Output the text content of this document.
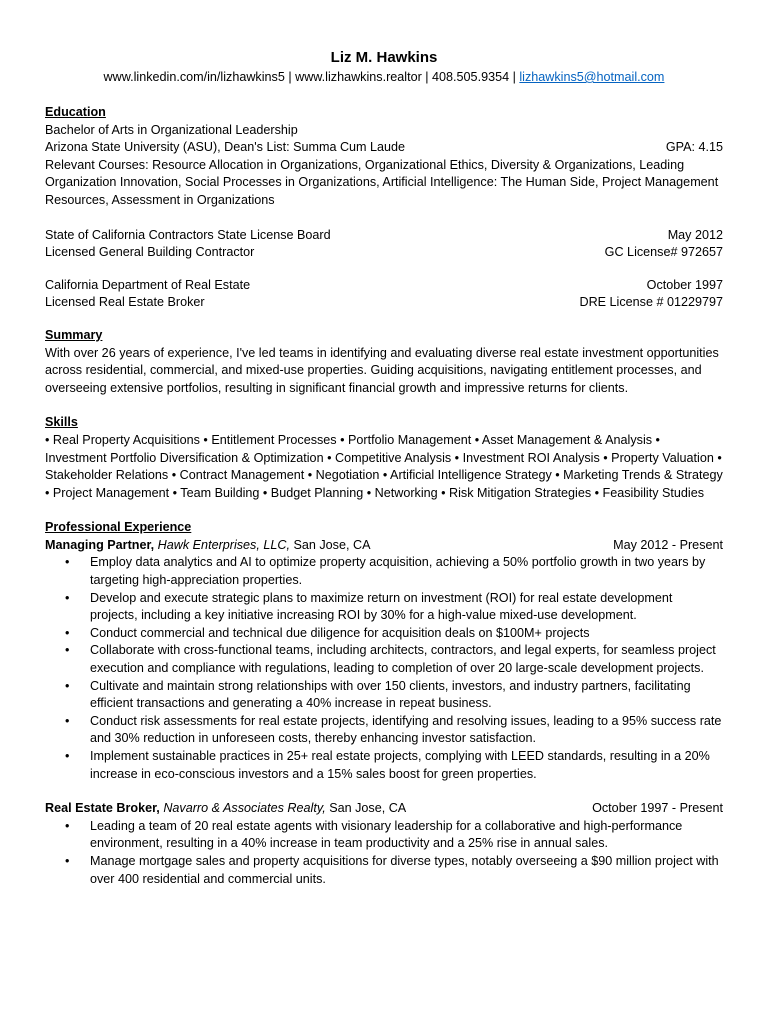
Liz M. Hawkins
www.linkedin.com/in/lizhawkins5 | www.lizhawkins.realtor | 408.505.9354 | lizhawkins5@hotmail.com
Education
Bachelor of Arts in Organizational Leadership
Arizona State University (ASU), Dean's List: Summa Cum Laude	GPA: 4.15
Relevant Courses: Resource Allocation in Organizations, Organizational Ethics, Diversity & Organizations, Leading Organization Innovation, Social Processes in Organizations, Artificial Intelligence: The Human Side, Project Management Resources, Assessment in Organizations
State of California Contractors State License Board	May 2012
Licensed General Building Contractor	GC License# 972657
California Department of Real Estate	October 1997
Licensed Real Estate Broker	DRE License # 01229797
Summary
With over 26 years of experience, I've led teams in identifying and evaluating diverse real estate investment opportunities across residential, commercial, and mixed-use properties. Guiding acquisitions, navigating entitlement processes, and overseeing extensive portfolios, resulting in significant financial growth and impressive returns for clients.
Skills
• Real Property Acquisitions • Entitlement Processes • Portfolio Management • Asset Management & Analysis • Investment Portfolio Diversification & Optimization • Competitive Analysis • Investment ROI Analysis • Property Valuation • Stakeholder Relations • Contract Management • Negotiation • Artificial Intelligence Strategy • Marketing Trends & Strategy • Project Management • Team Building • Budget Planning • Networking • Risk Mitigation Strategies • Feasibility Studies
Professional Experience
Managing Partner, Hawk Enterprises, LLC, San Jose, CA	May 2012 - Present
• Employ data analytics and AI to optimize property acquisition, achieving a 50% portfolio growth in two years by targeting high-appreciation properties.
• Develop and execute strategic plans to maximize return on investment (ROI) for real estate development projects, including a key initiative increasing ROI by 30% for a high-value mixed-use development.
• Conduct commercial and technical due diligence for acquisition deals on $100M+ projects
• Collaborate with cross-functional teams, including architects, contractors, and legal experts, for seamless project execution and compliance with regulations, leading to completion of over 20 large-scale development projects.
• Cultivate and maintain strong relationships with over 150 clients, investors, and industry partners, facilitating efficient transactions and generating a 40% increase in repeat business.
• Conduct risk assessments for real estate projects, identifying and resolving issues, leading to a 95% success rate and 30% reduction in unforeseen costs, thereby enhancing investor satisfaction.
• Implement sustainable practices in 25+ real estate projects, complying with LEED standards, resulting in a 20% increase in eco-conscious investors and a 15% sales boost for green properties.
Real Estate Broker, Navarro & Associates Realty, San Jose, CA	October 1997 - Present
• Leading a team of 20 real estate agents with visionary leadership for a collaborative and high-performance environment, resulting in a 40% increase in team productivity and a 25% rise in annual sales.
• Manage mortgage sales and property acquisitions for diverse types, notably overseeing a $90 million project with over 400 residential and commercial units.
